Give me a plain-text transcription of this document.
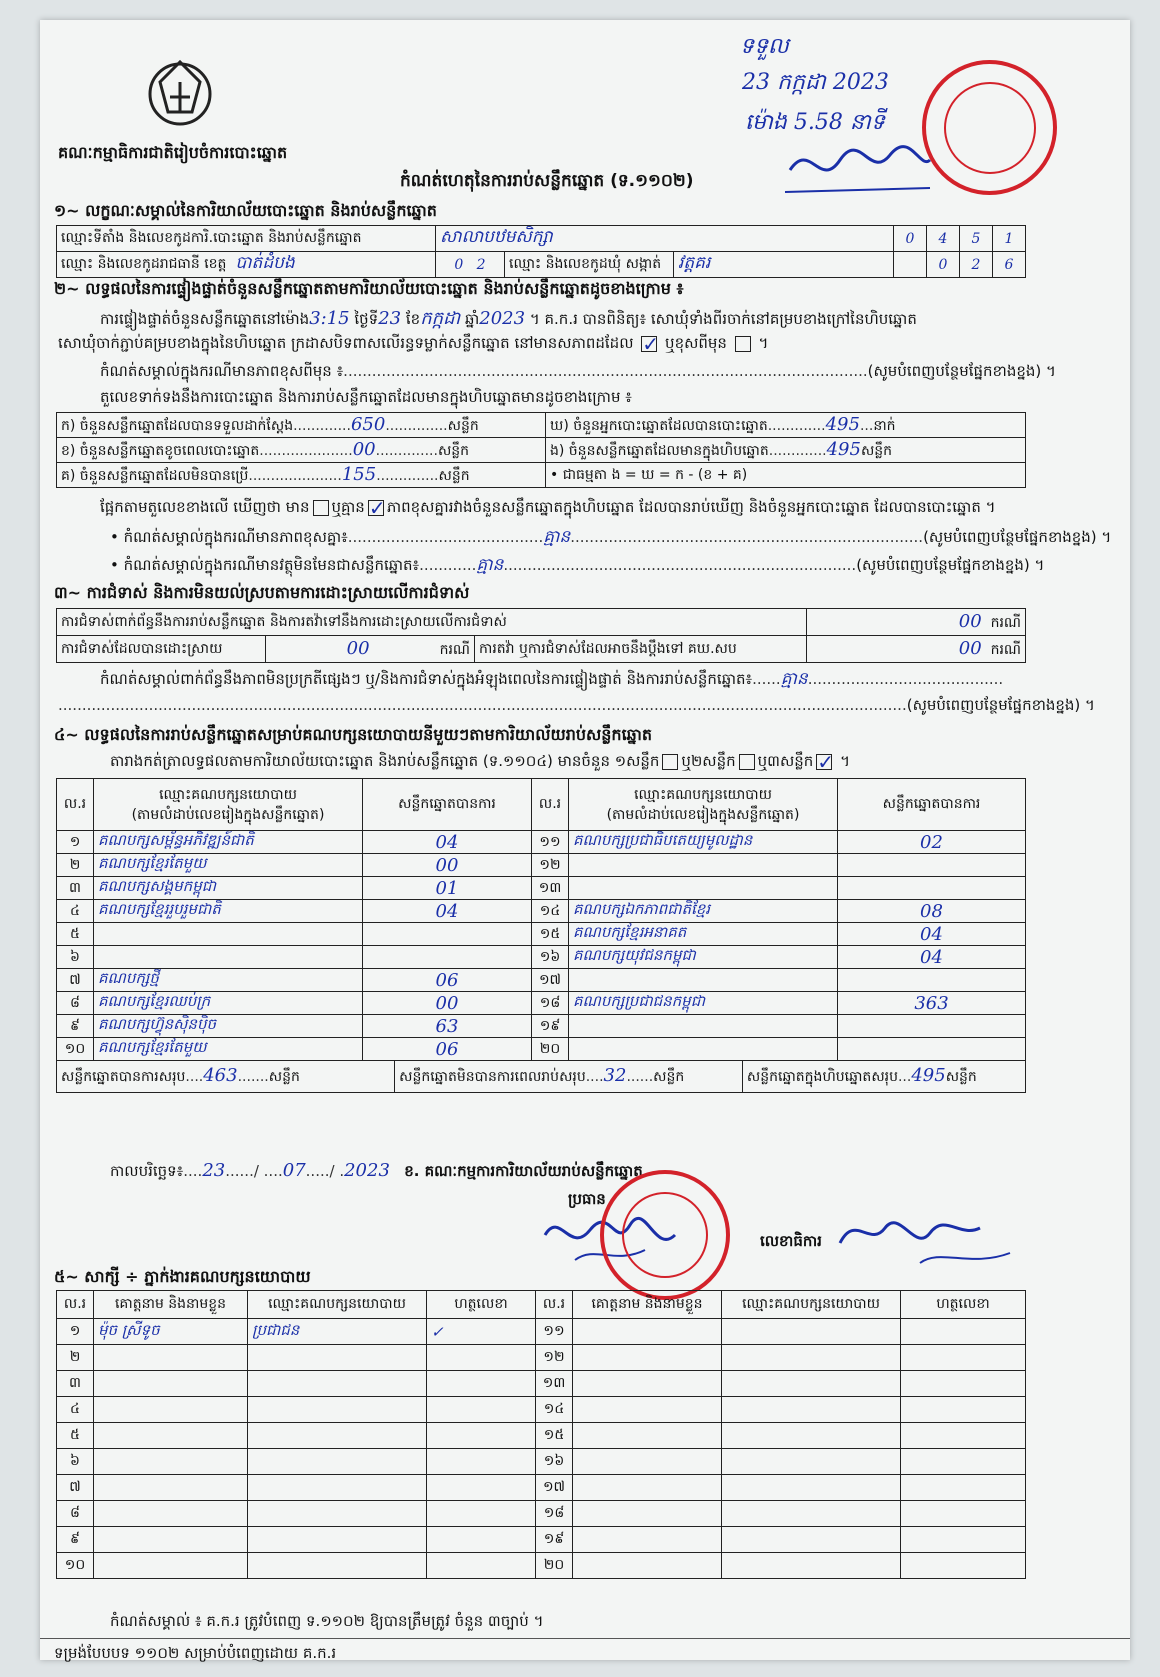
គណៈកម្មាធិការជាតិរៀបចំការបោះឆ្នោត
ទទួល
23 កក្កដា 2023
ម៉ោង 5.58 នាទី
កំណត់ហេតុនៃការរាប់សន្លឹកឆ្នោត (ទ.១១០២)
១~ លក្ខណៈសម្គាល់នៃការិយាល័យបោះឆ្នោត និងរាប់សន្លឹកឆ្នោត
ឈ្មោះទីតាំង និងលេខកូដការិ.បោះឆ្នោត និងរាប់សន្លឹកឆ្នោត	សាលាបឋមសិក្សា			0	4	5	1
ឈ្មោះ និងលេខកូដរាជធានី ខេត្ត បាត់ដំបង	0 2	ឈ្មោះ និងលេខកូដឃុំ សង្កាត់	វត្តគរ		0	2	6
២~ លទ្ធផលនៃការផ្ទៀងផ្ទាត់ចំនួនសន្លឹកឆ្នោតតាមការិយាល័យបោះឆ្នោត និងរាប់សន្លឹកឆ្នោតដូចខាងក្រោម ៖
ការផ្ទៀងផ្ទាត់ចំនួនសន្លឹកឆ្នោតនៅម៉ោង3:15 ថ្ងៃទី23 ខែកក្កដា ឆ្នាំ2023 ។ គ.ក.រ បានពិនិត្យ៖ សោឃុំទាំងពីរចាក់នៅគម្របខាងក្រៅនៃហិបឆ្នោត
សោឃុំចាក់ភ្ជាប់គម្របខាងក្នុងនៃហិបឆ្នោត ក្រដាសបិទពាសលើរន្ធទម្លាក់សន្លឹកឆ្នោត នៅមានសភាពដដែល ✓ ឬខុសពីមុន ។
កំណត់សម្គាល់ក្នុងករណីមានភាពខុសពីមុន ៖..............................................................................................................(សូមបំពេញបន្ថែមផ្នែកខាងខ្នង) ។
តួលេខទាក់ទងនឹងការបោះឆ្នោត និងការរាប់សន្លឹកឆ្នោតដែលមានក្នុងហិបឆ្នោតមានដូចខាងក្រោម ៖
ក) ចំនួនសន្លឹកឆ្នោតដែលបានទទួលដាក់ស្តែង.............650..............សន្លឹក	ឃ) ចំនួនអ្នកបោះឆ្នោតដែលបានបោះឆ្នោត.............495...នាក់
ខ) ចំនួនសន្លឹកឆ្នោតខូចពេលបោះឆ្នោត.....................00..............សន្លឹក	ង) ចំនួនសន្លឹកឆ្នោតដែលមានក្នុងហិបឆ្នោត.............495សន្លឹក
គ) ចំនួនសន្លឹកឆ្នោតដែលមិនបានប្រើ.....................155..............សន្លឹក	• ជាធម្មតា ង = ឃ = ក - (ខ + គ)
ផ្អែកតាមតួលេខខាងលើ ឃើញថា មាន ឬគ្មាន ✓ភាពខុសគ្នារវាងចំនួនសន្លឹកឆ្នោតក្នុងហិបឆ្នោត ដែលបានរាប់ឃើញ និងចំនួនអ្នកបោះឆ្នោត ដែលបានបោះឆ្នោត ។
• កំណត់សម្គាល់ក្នុងករណីមានភាពខុសគ្នា៖.........................................គ្មាន..........................................................................(សូមបំពេញបន្ថែមផ្នែកខាងខ្នង) ។
• កំណត់សម្គាល់ក្នុងករណីមានវត្ថុមិនមែនជាសន្លឹកឆ្នោត៖............គ្មាន..........................................................................(សូមបំពេញបន្ថែមផ្នែកខាងខ្នង) ។
៣~ ការជំទាស់ និងការមិនយល់ស្របតាមការដោះស្រាយលើការជំទាស់
ការជំទាស់ពាក់ព័ន្ធនឹងការរាប់សន្លឹកឆ្នោត និងការតវ៉ាទៅនឹងការដោះស្រាយលើការជំទាស់			00 ករណី
ការជំទាស់ដែលបានដោះស្រាយ	00 ករណី	ការតវ៉ា ឬការជំទាស់ដែលអាចនឹងប្តឹងទៅ គឃ.សប	00 ករណី
កំណត់សម្គាល់ពាក់ព័ន្ធនឹងភាពមិនប្រក្រតីផ្សេងៗ ឬ/និងការជំទាស់ក្នុងអំឡុងពេលនៃការផ្ទៀងផ្ទាត់ និងការរាប់សន្លឹកឆ្នោត៖......គ្មាន.........................................
..................................................................................................................................................................................(សូមបំពេញបន្ថែមផ្នែកខាងខ្នង) ។
៤~ លទ្ធផលនៃការរាប់សន្លឹកឆ្នោតសម្រាប់គណបក្សនយោបាយនីមួយៗតាមការិយាល័យរាប់សន្លឹកឆ្នោត
តារាងកត់ត្រាលទ្ធផលតាមការិយាល័យបោះឆ្នោត និងរាប់សន្លឹកឆ្នោត (ទ.១១០៤) មានចំនួន ១សន្លឹក ឬ២សន្លឹក ឬ៣សន្លឹក ✓ ។
ល.រ	ឈ្មោះគណបក្សនយោបាយ
(តាមលំដាប់លេខរៀងក្នុងសន្លឹកឆ្នោត)	សន្លឹកឆ្នោតបានការ	ល.រ	ឈ្មោះគណបក្សនយោបាយ
(តាមលំដាប់លេខរៀងក្នុងសន្លឹកឆ្នោត)	សន្លឹកឆ្នោតបានការ
១	គណបក្សសម្ព័ន្ធអភិវឌ្ឍន៍ជាតិ	04	១១	គណបក្សប្រជាធិបតេយ្យមូលដ្ឋាន	02
២	គណបក្សខ្មែរតែមួយ	00	១២		
៣	គណបក្សសង្គមកម្ពុជា	01	១៣		
៤	គណបក្សខ្មែររួបរួមជាតិ	04	១៤	គណបក្សឯកភាពជាតិខ្មែរ	08
៥			១៥	គណបក្សខ្មែរអនាគត	04
៦			១៦	គណបក្សយុវជនកម្ពុជា	04
៧	គណបក្សថ្មី	06	១៧		
៨	គណបក្សខ្មែរឈប់ក្រ	00	១៨	គណបក្សប្រជាជនកម្ពុជា	363
៩	គណបក្សហ៊្វុនស៊ិនប៉ិច	63	១៩		
១០	គណបក្សខ្មែរតែមួយ	06	២០		

សន្លឹកឆ្នោតបានការសរុប....463.......សន្លឹក សន្លឹកឆ្នោតមិនបានការពេលរាប់សរុប....32......សន្លឹក សន្លឹកឆ្នោតក្នុងហិបឆ្នោតសរុប...495សន្លឹក					
កាលបរិច្ឆេទ៖....23....../ ....07...../ .2023 ខ. គណៈកម្មការការិយាល័យរាប់សន្លឹកឆ្នោត
ប្រធាន
លេខាធិការ
៥~ សាក្សី ÷ ភ្នាក់ងារគណបក្សនយោបាយ
ល.រ	គោត្តនាម និងនាមខ្លួន	ឈ្មោះគណបក្សនយោបាយ	ហត្ថលេខា	ល.រ	គោត្តនាម និងនាមខ្លួន	ឈ្មោះគណបក្សនយោបាយ	ហត្ថលេខា
១	ម៉ុច ស្រីទូច	ប្រជាជន	✓	១១			
២				១២			
៣				១៣			
៤				១៤			
៥				១៥			
៦				១៦			
៧				១៧			
៨				១៨			
៩				១៩			
១០				២០			
កំណត់សម្គាល់ ៖ គ.ក.រ ត្រូវបំពេញ ទ.១១០២ ឱ្យបានត្រឹមត្រូវ ចំនួន ៣ច្បាប់ ។
ទម្រង់បែបបទ ១១០២ សម្រាប់បំពេញដោយ គ.ក.រ
